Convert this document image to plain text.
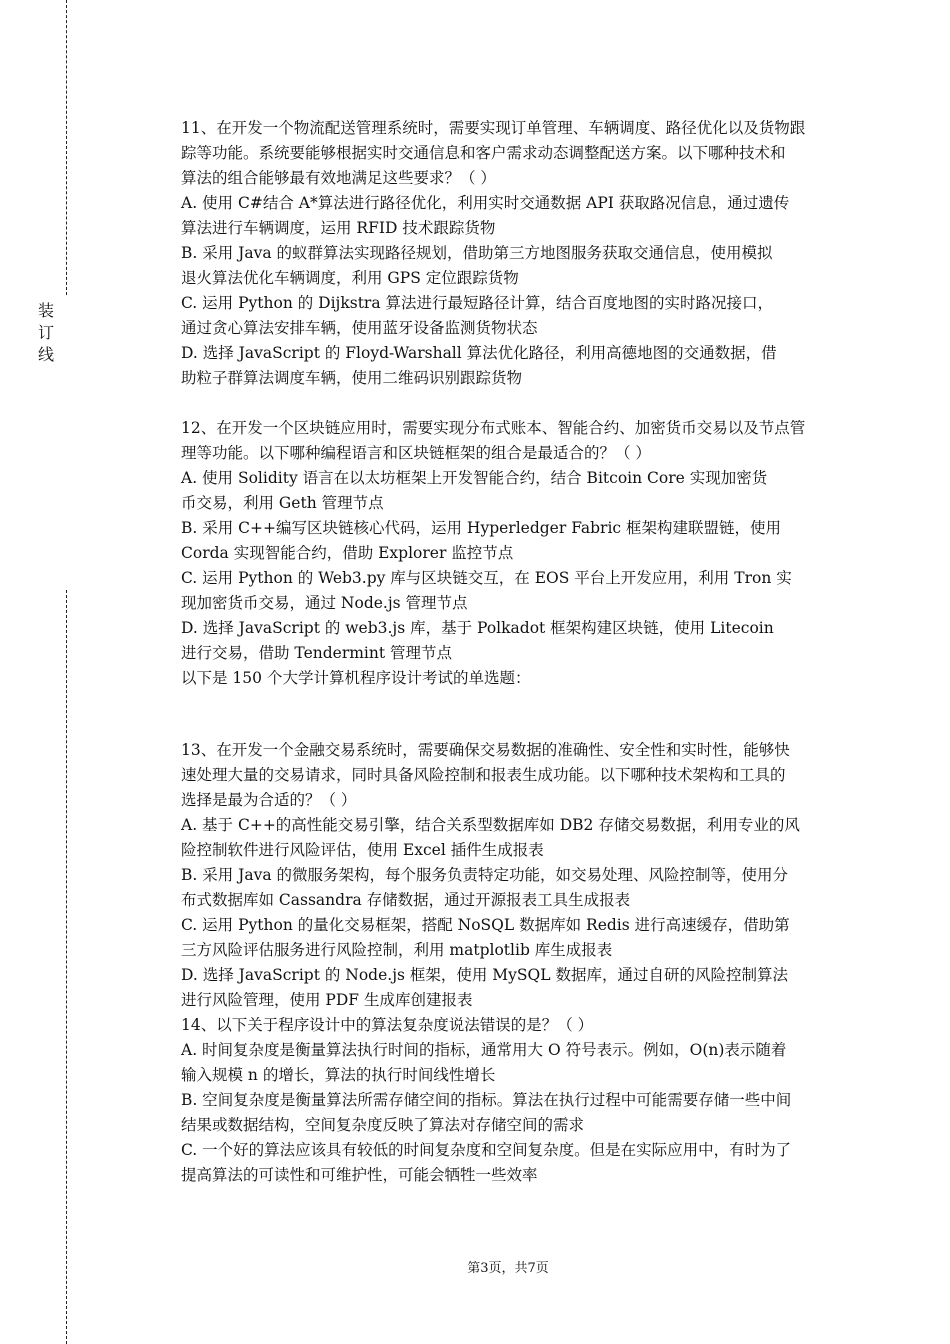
装
订
线
11、在开发一个物流配送管理系统时，需要实现订单管理、车辆调度、路径优化以及货物跟
踪等功能。系统要能够根据实时交通信息和客户需求动态调整配送方案。以下哪种技术和
算法的组合能够最有效地满足这些要求？（ ）
A. 使用 C#结合 A*算法进行路径优化，利用实时交通数据 API 获取路况信息，通过遗传
算法进行车辆调度，运用 RFID 技术跟踪货物
B. 采用 Java 的蚁群算法实现路径规划，借助第三方地图服务获取交通信息，使用模拟
退火算法优化车辆调度，利用 GPS 定位跟踪货物
C. 运用 Python 的 Dijkstra 算法进行最短路径计算，结合百度地图的实时路况接口，
通过贪心算法安排车辆，使用蓝牙设备监测货物状态
D. 选择 JavaScript 的 Floyd-Warshall 算法优化路径，利用高德地图的交通数据，借
助粒子群算法调度车辆，使用二维码识别跟踪货物
12、在开发一个区块链应用时，需要实现分布式账本、智能合约、加密货币交易以及节点管
理等功能。以下哪种编程语言和区块链框架的组合是最适合的？（ ）
A. 使用 Solidity 语言在以太坊框架上开发智能合约，结合 Bitcoin Core 实现加密货
币交易，利用 Geth 管理节点
B. 采用 C++编写区块链核心代码，运用 Hyperledger Fabric 框架构建联盟链，使用
Corda 实现智能合约，借助 Explorer 监控节点
C. 运用 Python 的 Web3.py 库与区块链交互，在 EOS 平台上开发应用，利用 Tron 实
现加密货币交易，通过 Node.js 管理节点
D. 选择 JavaScript 的 web3.js 库，基于 Polkadot 框架构建区块链，使用 Litecoin
进行交易，借助 Tendermint 管理节点
以下是 150 个大学计算机程序设计考试的单选题：
13、在开发一个金融交易系统时，需要确保交易数据的准确性、安全性和实时性，能够快
速处理大量的交易请求，同时具备风险控制和报表生成功能。以下哪种技术架构和工具的
选择是最为合适的？（ ）
A. 基于 C++的高性能交易引擎，结合关系型数据库如 DB2 存储交易数据，利用专业的风
险控制软件进行风险评估，使用 Excel 插件生成报表
B. 采用 Java 的微服务架构，每个服务负责特定功能，如交易处理、风险控制等，使用分
布式数据库如 Cassandra 存储数据，通过开源报表工具生成报表
C. 运用 Python 的量化交易框架，搭配 NoSQL 数据库如 Redis 进行高速缓存，借助第
三方风险评估服务进行风险控制，利用 matplotlib 库生成报表
D. 选择 JavaScript 的 Node.js 框架，使用 MySQL 数据库，通过自研的风险控制算法
进行风险管理，使用 PDF 生成库创建报表
14、以下关于程序设计中的算法复杂度说法错误的是？（ ）
A. 时间复杂度是衡量算法执行时间的指标，通常用大 O 符号表示。例如，O(n)表示随着
输入规模 n 的增长，算法的执行时间线性增长
B. 空间复杂度是衡量算法所需存储空间的指标。算法在执行过程中可能需要存储一些中间
结果或数据结构，空间复杂度反映了算法对存储空间的需求
C. 一个好的算法应该具有较低的时间复杂度和空间复杂度。但是在实际应用中，有时为了
提高算法的可读性和可维护性，可能会牺牲一些效率
第3页，共7页
